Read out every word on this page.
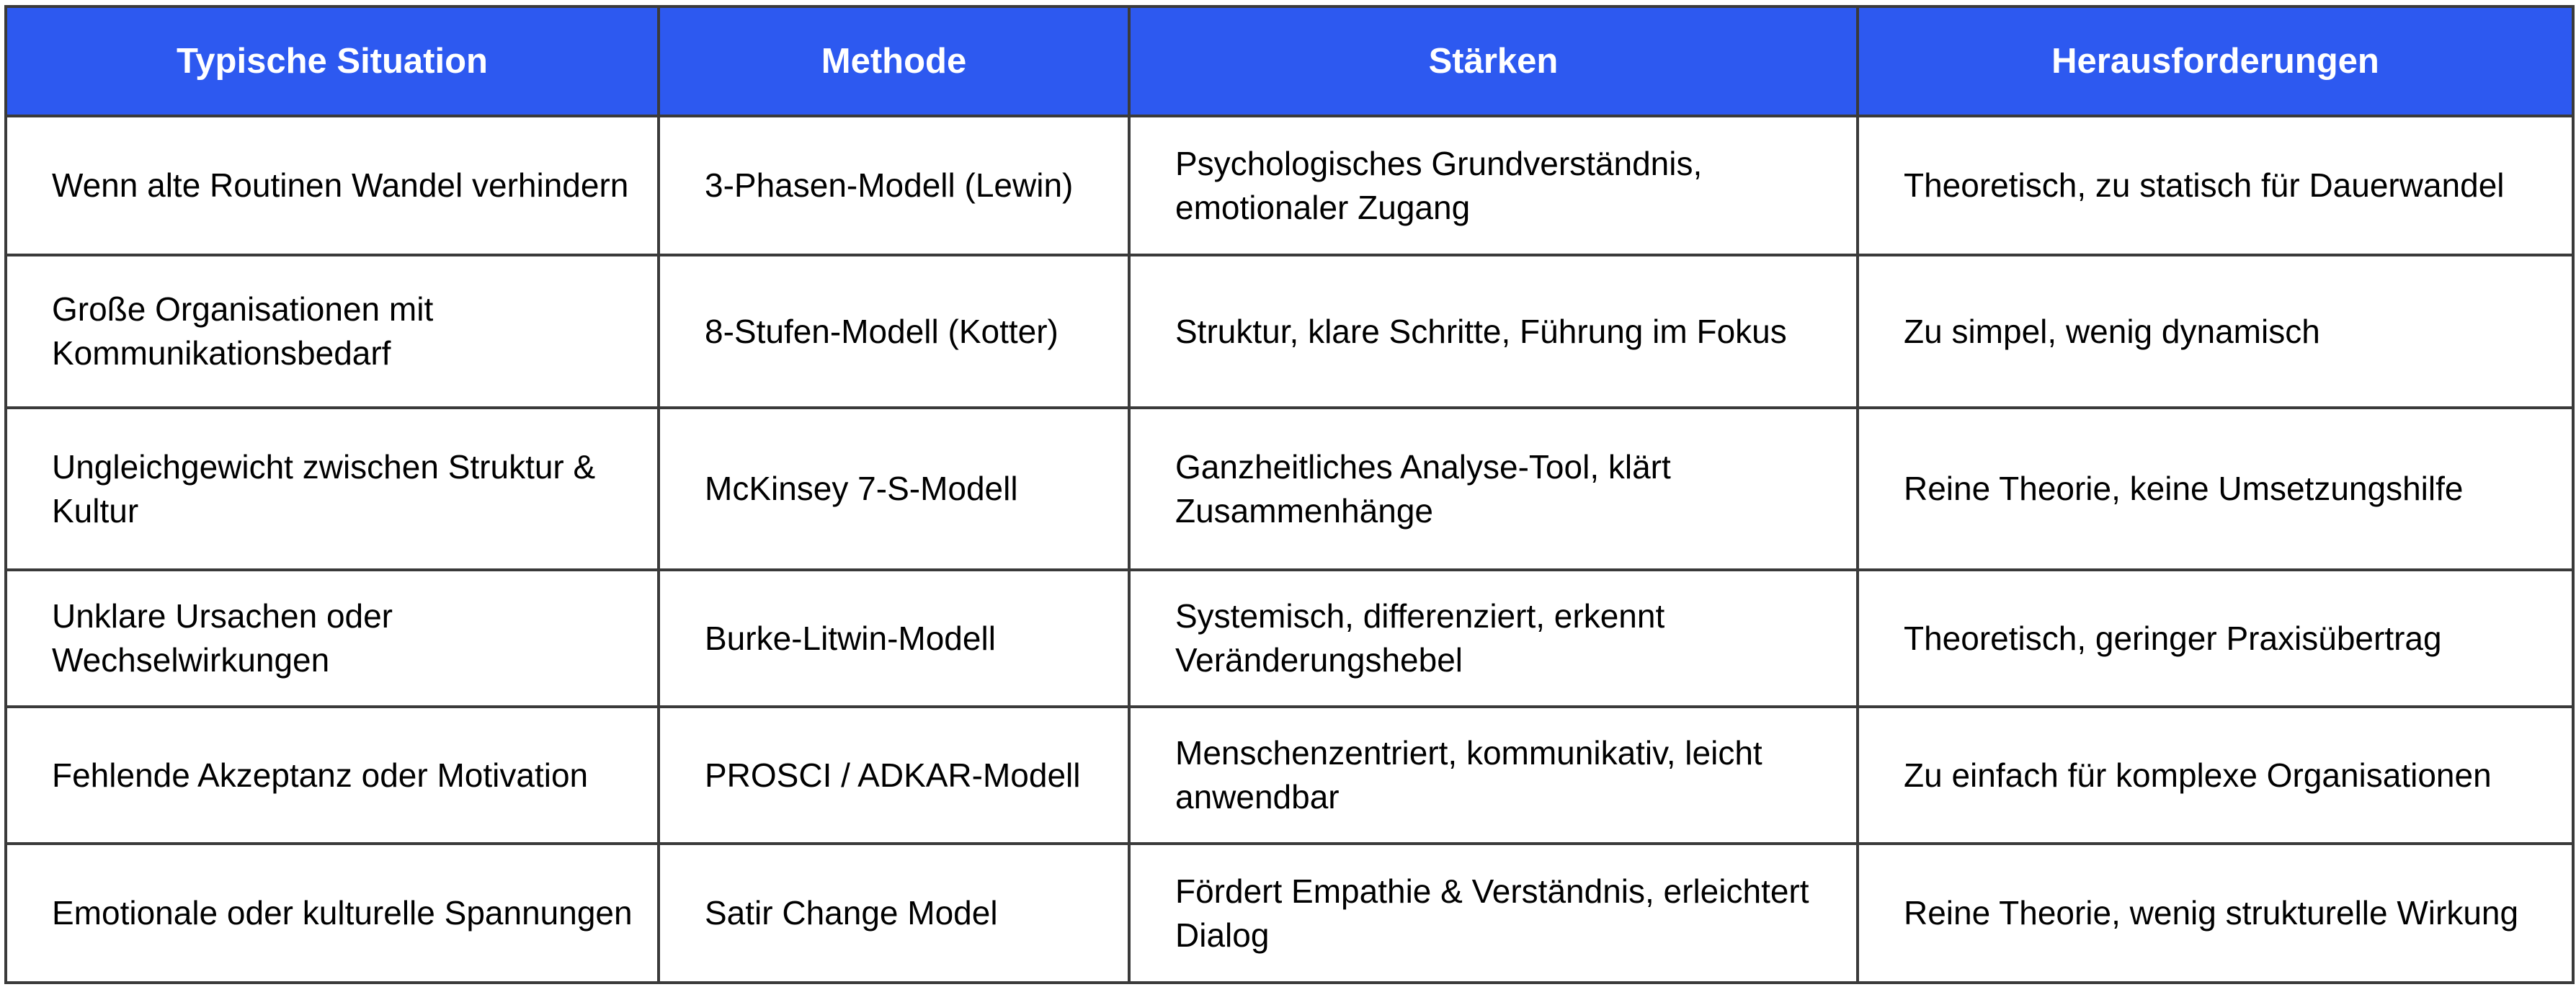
Typische Situation	Methode	Stärken	Herausforderungen
Wenn alte Routinen Wandel verhindern	3-Phasen-Modell (Lewin)	Psychologisches Grundverständnis, emotionaler Zugang	Theoretisch, zu statisch für Dauerwandel
Große Organisationen mit Kommunikationsbedarf	8-Stufen-Modell (Kotter)	Struktur, klare Schritte, Führung im Fokus	Zu simpel, wenig dynamisch
Ungleichgewicht zwischen Struktur & Kultur	McKinsey 7-S-Modell	Ganzheitliches Analyse-Tool, klärt Zusammenhänge	Reine Theorie, keine Umsetzungshilfe
Unklare Ursachen oder Wechselwirkungen	Burke-Litwin-Modell	Systemisch, differenziert, erkennt Veränderungshebel	Theoretisch, geringer Praxisübertrag
Fehlende Akzeptanz oder Motivation	PROSCI / ADKAR-Modell	Menschenzentriert, kommunikativ, leicht anwendbar	Zu einfach für komplexe Organisationen
Emotionale oder kulturelle Spannungen	Satir Change Model	Fördert Empathie & Verständnis, erleichtert Dialog	Reine Theorie, wenig strukturelle Wirkung
